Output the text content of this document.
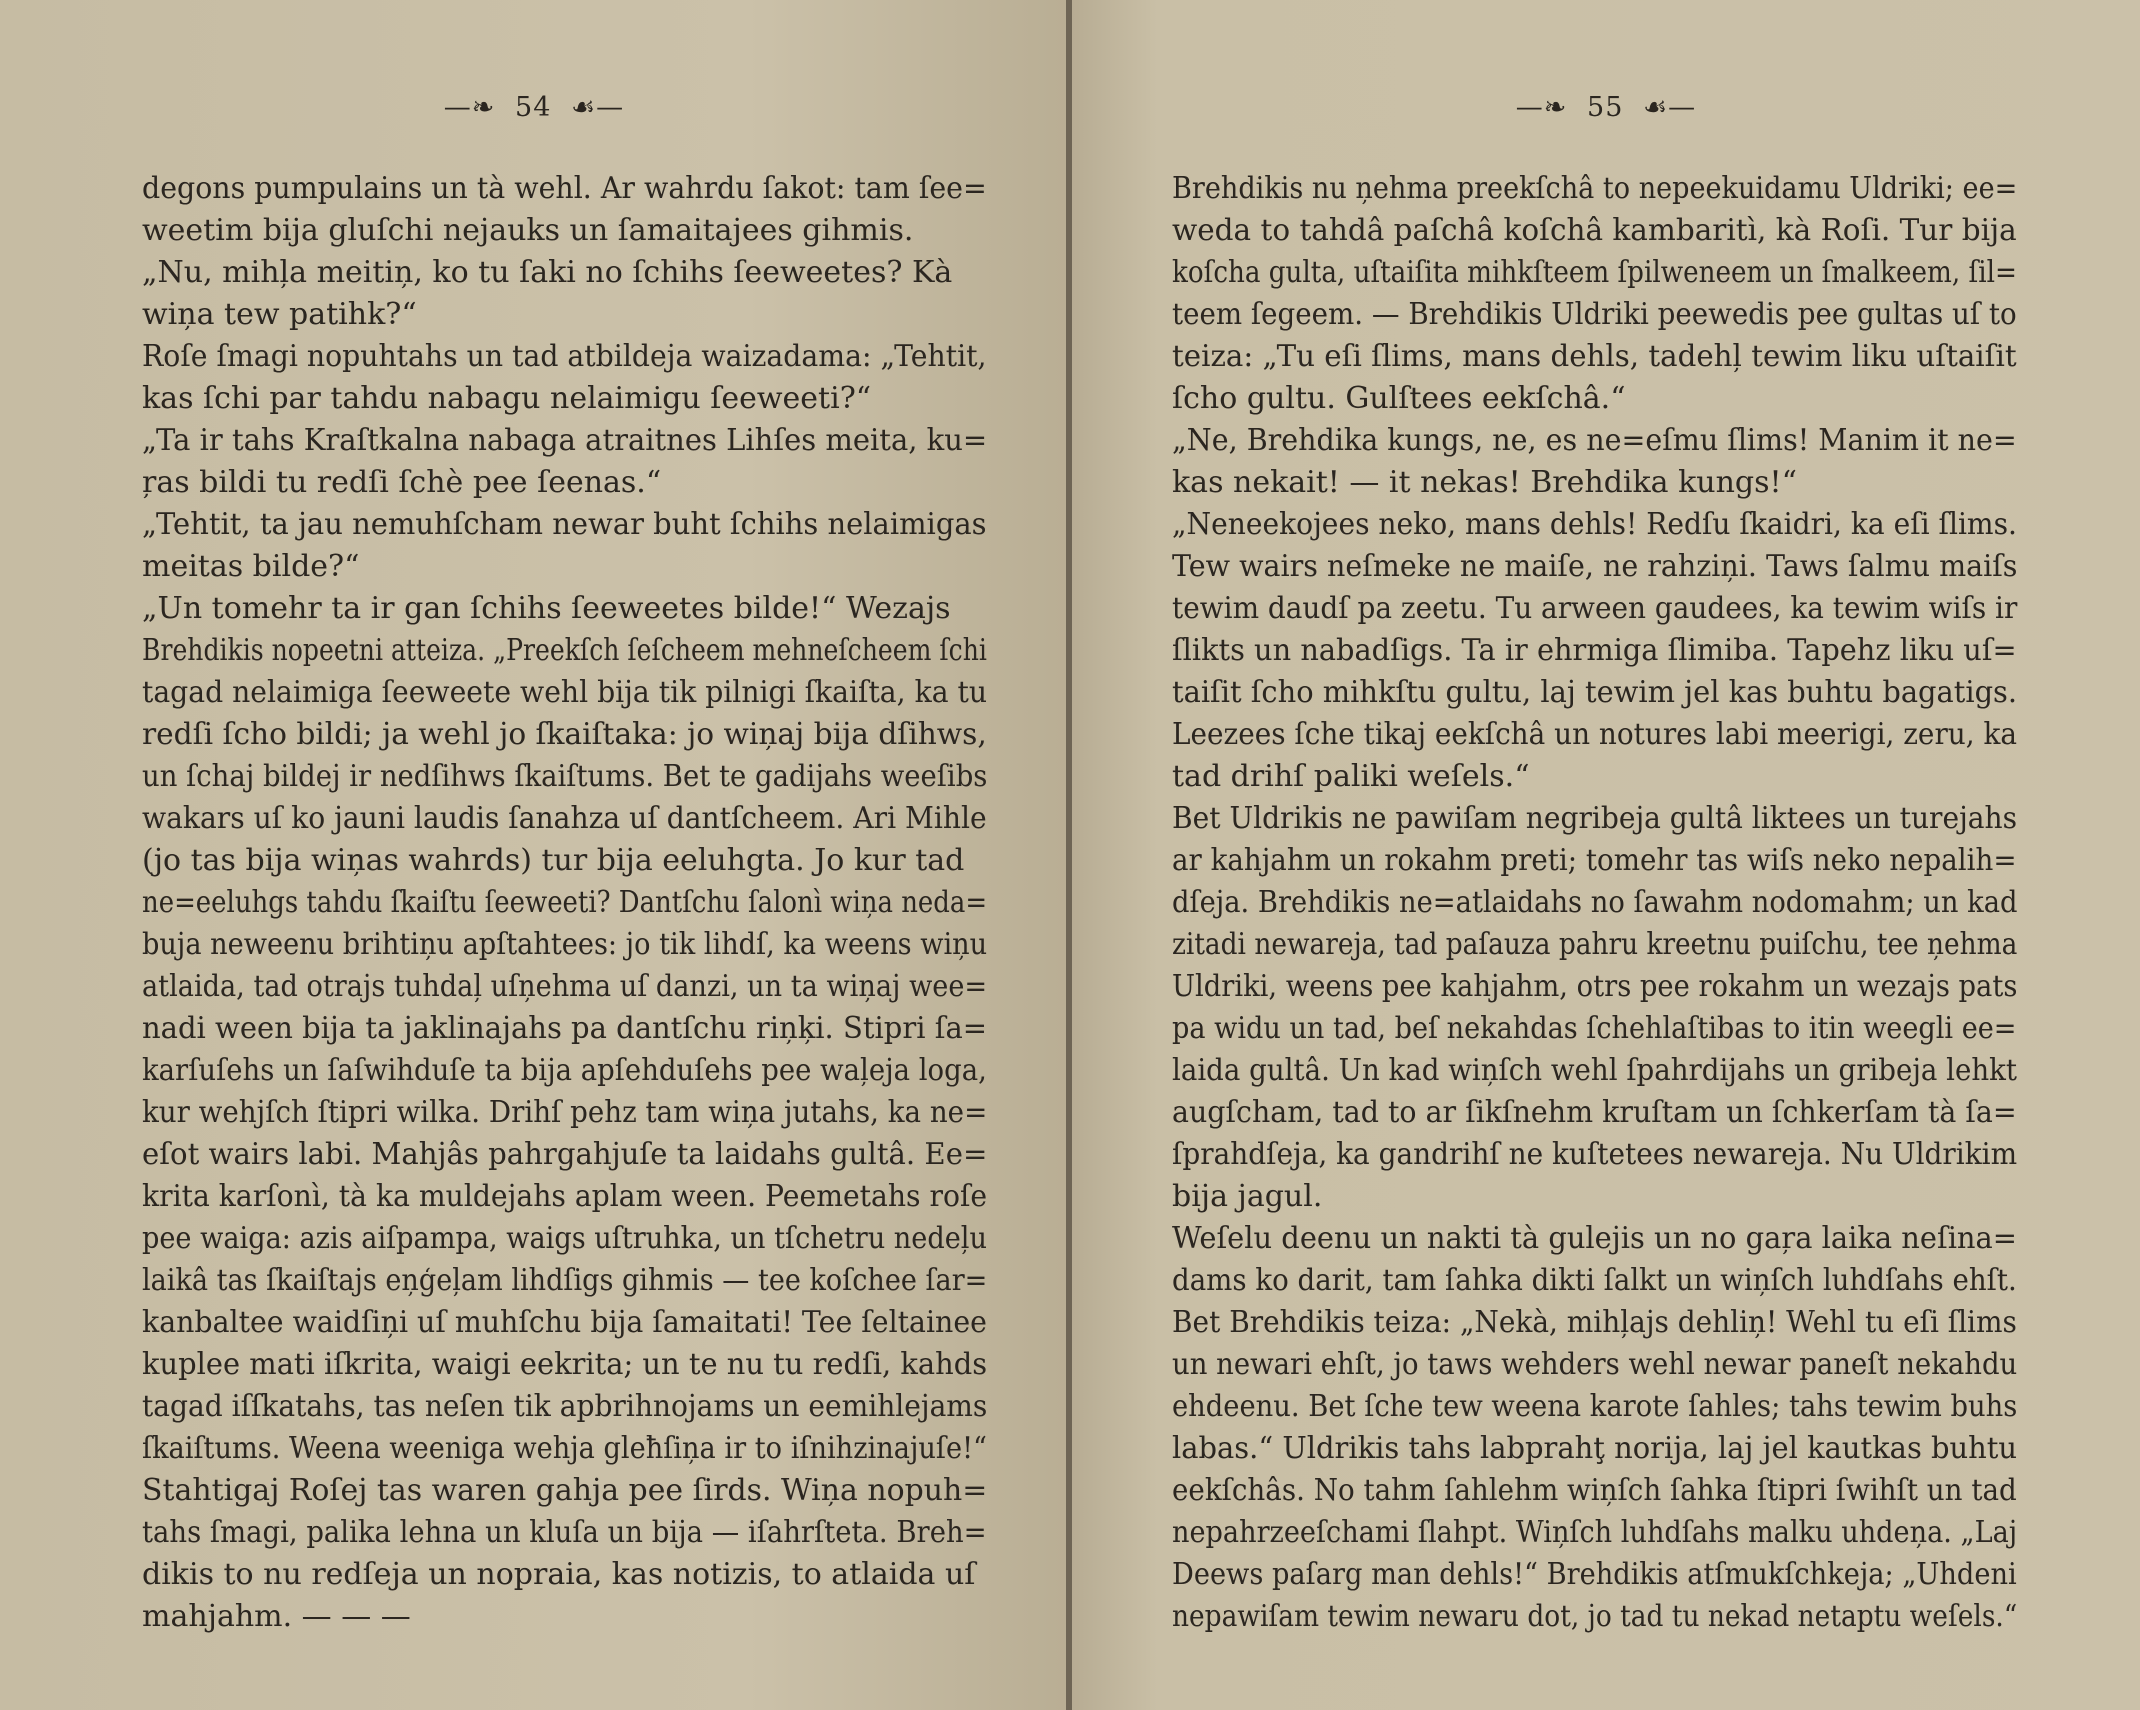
—❧ 54 ☙—
degons pumpulains un tà wehl. Ar wahrdu ſakot: tam ſee=
weetim bija gluſchi nejauks un ſamaitajees gihmis.
„Nu, mihļa meitiņ, ko tu ſaki no ſchihs ſeeweetes? Kà
wiņa tew patihk?“
Roſe ſmagi nopuhtahs un tad atbildeja waizadama: „Tehtit,
kas ſchi par tahdu nabagu nelaimigu ſeeweeti?“
„Ta ir tahs Kraſtkalna nabaga atraitnes Lihſes meita, ku=
ŗas bildi tu redſi ſchè pee ſeenas.“
„Tehtit, ta jau nemuhſcham newar buht ſchihs nelaimigas
meitas bilde?“
„Un tomehr ta ir gan ſchihs ſeeweetes bilde!“ Wezajs
Brehdikis nopeetni atteiza. „Preekſch ſeſcheem mehneſcheem ſchi
tagad nelaimiga ſeeweete wehl bija tik pilnigi ſkaiſta, ka tu
redſi ſcho bildi; ja wehl jo ſkaiſtaka: jo wiņaj bija dſihws,
un ſchaj bildej ir nedſihws ſkaiſtums. Bet te gadijahs weeſibs
wakars uſ ko jauni laudis ſanahza uſ dantſcheem. Ari Mihle
(jo tas bija wiņas wahrds) tur bija eeluhgta. Jo kur tad
ne=eeluhgs tahdu ſkaiſtu ſeeweeti? Dantſchu ſalonì wiņa neda=
buja neweenu brihtiņu apſtahtees: jo tik lihdſ, ka weens wiņu
atlaida, tad otrajs tuhdaļ uſņehma uſ danzi, un ta wiņaj wee=
nadi ween bija ta jaklinajahs pa dantſchu riņķi. Stipri ſa=
karſuſehs un ſaſwihduſe ta bija apſehduſehs pee waļeja loga,
kur wehjſch ſtipri wilka. Drihſ pehz tam wiņa jutahs, ka ne=
eſot wairs labi. Mahjâs pahrgahjuſe ta laidahs gultâ. Ee=
krita karſonì, tà ka muldejahs aplam ween. Peemetahs roſe
pee waiga: azis aiſpampa, waigs uſtruhka, un tſchetru nedeļu
laikâ tas ſkaiſtajs eņģeļam lihdſigs gihmis — tee koſchee ſar=
kanbaltee waidſiņi uſ muhſchu bija ſamaitati! Tee ſeltainee
kuplee mati iſkrita, waigi eekrita; un te nu tu redſi, kahds
tagad iſſkatahs, tas neſen tik apbrihnojams un eemihlejams
ſkaiſtums. Weena weeniga wehja gleħſiņa ir to iſnihzinajuſe!“
Stahtigaj Roſej tas waren gahja pee ſirds. Wiņa nopuh=
tahs ſmagi, palika lehna un kluſa un bija — iſahrſteta. Breh=
dikis to nu redſeja un nopraia, kas notizis, to atlaida uſ
mahjahm. — — —
—❧ 55 ☙—
Brehdikis nu ņehma preekſchâ to nepeekuidamu Uldriki; ee=
weda to tahdâ paſchâ koſchâ kambaritì, kà Roſi. Tur bija
koſcha gulta, uſtaiſita mihkſteem ſpilweneem un ſmalkeem, ſil=
teem ſegeem. — Brehdikis Uldriki peewedis pee gultas uſ to
teiza: „Tu eſi ſlims, mans dehls, tadehļ tewim liku uſtaiſit
ſcho gultu. Gulſtees eekſchâ.“
„Ne, Brehdika kungs, ne, es ne=eſmu ſlims! Manim it ne=
kas nekait! — it nekas! Brehdika kungs!“
„Neneekojees neko, mans dehls! Redſu ſkaidri, ka eſi ſlims.
Tew wairs neſmeke ne maiſe, ne rahziņi. Taws ſalmu maiſs
tewim daudſ pa zeetu. Tu arween gaudees, ka tewim wiſs ir
ſlikts un nabadſigs. Ta ir ehrmiga ſlimiba. Tapehz liku uſ=
taiſit ſcho mihkſtu gultu, laj tewim jel kas buhtu bagatigs.
Leezees ſche tikaj eekſchâ un notures labi meerigi, zeru, ka
tad drihſ paliki weſels.“
Bet Uldrikis ne pawiſam negribeja gultâ liktees un turejahs
ar kahjahm un rokahm preti; tomehr tas wiſs neko nepalih=
dſeja. Brehdikis ne=atlaidahs no ſawahm nodomahm; un kad
zitadi newareja, tad paſauza pahru kreetnu puiſchu, tee ņehma
Uldriki, weens pee kahjahm, otrs pee rokahm un wezajs pats
pa widu un tad, beſ nekahdas ſchehlaſtibas to itin weegli ee=
laida gultâ. Un kad wiņſch wehl ſpahrdijahs un gribeja lehkt
augſcham, tad to ar ſikſnehm kruſtam un ſchkerſam tà ſa=
ſprahdſeja, ka gandrihſ ne kuſtetees newareja. Nu Uldrikim
bija jagul.
Weſelu deenu un nakti tà gulejis un no gaŗa laika neſina=
dams ko darit, tam ſahka dikti ſalkt un wiņſch luhdſahs ehſt.
Bet Brehdikis teiza: „Nekà, mihļajs dehliņ! Wehl tu eſi ſlims
un newari ehſt, jo taws wehders wehl newar paneſt nekahdu
ehdeenu. Bet ſche tew weena karote ſahles; tahs tewim buhs
labas.“ Uldrikis tahs labprahţ norija, laj jel kautkas buhtu
eekſchâs. No tahm ſahlehm wiņſch ſahka ſtipri ſwihſt un tad
nepahrzeeſchami ſlahpt. Wiņſch luhdſahs malku uhdeņa. „Laj
Deews paſarg man dehls!“ Brehdikis atſmukſchkeja; „Uhdeni
nepawiſam tewim newaru dot, jo tad tu nekad netaptu weſels.“
